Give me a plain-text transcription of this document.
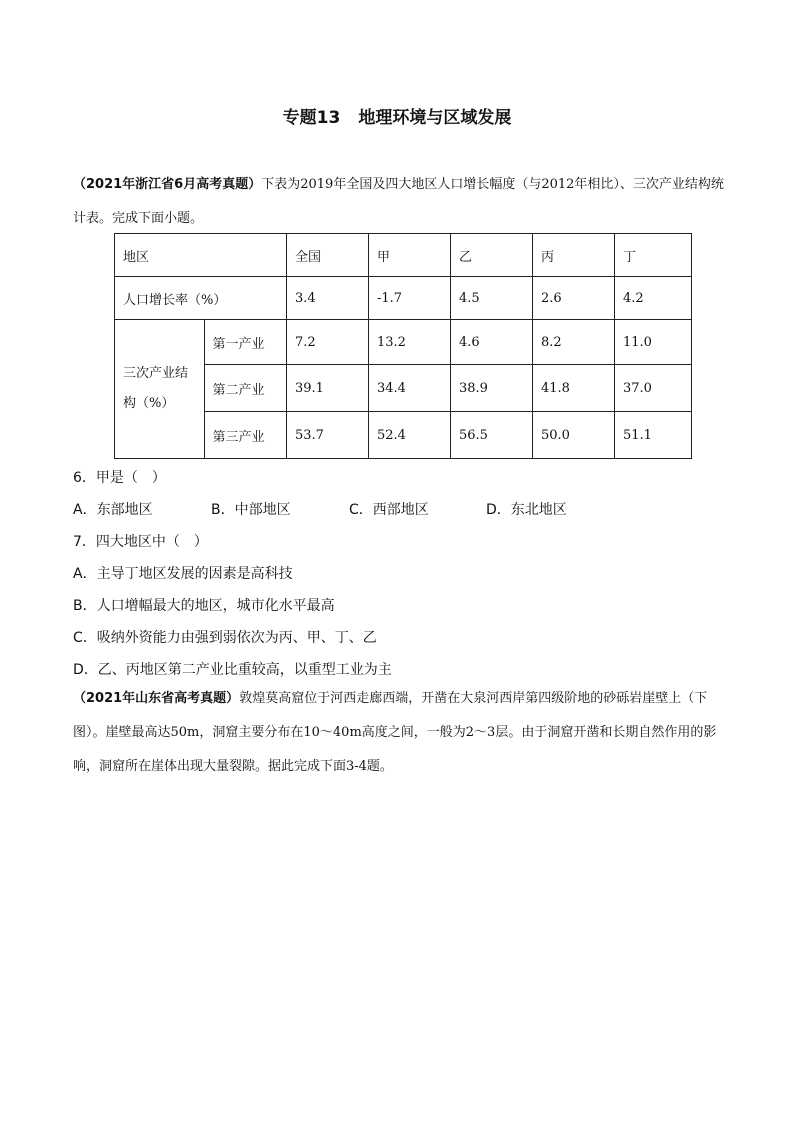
专题13 地理环境与区域发展
（2021年浙江省6月高考真题）下表为2019年全国及四大地区人口增长幅度（与2012年相比）、三次产业结构统计表。完成下面小题。
地区		全国	甲	乙	丙	丁
人口增长率（%）		3.4	-1.7	4.5	2.6	4.2
三次产业结
构（%）	第一产业	7.2	13.2	4.6	8.2	11.0
	第二产业	39.1	34.4	38.9	41.8	37.0
	第三产业	53.7	52.4	56.5	50.0	51.1
6．甲是（　）
A．东部地区	B．中部地区	C．西部地区	D．东北地区
7．四大地区中（　）
A．主导丁地区发展的因素是高科技
B．人口增幅最大的地区，城市化水平最高
C．吸纳外资能力由强到弱依次为丙、甲、丁、乙
D．乙、丙地区第二产业比重较高，以重型工业为主
（2021年山东省高考真题）敦煌莫高窟位于河西走廊西端，开凿在大泉河西岸第四级阶地的砂砾岩崖壁上（下图）。崖壁最高达50m，洞窟主要分布在10～40m高度之间，一般为2～3层。由于洞窟开凿和长期自然作用的影响，洞窟所在崖体出现大量裂隙。据此完成下面3-4题。
